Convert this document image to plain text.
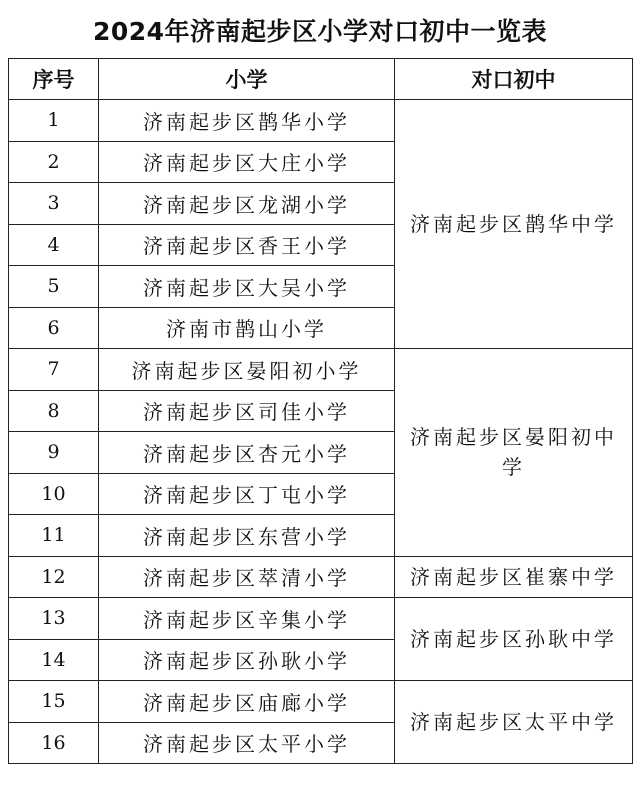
2024年济南起步区小学对口初中一览表
序号	小学	对口初中
1	济南起步区鹊华小学	济南起步区鹊华中学
2	济南起步区大庄小学	
3	济南起步区龙湖小学	
4	济南起步区香王小学	
5	济南起步区大吴小学	
6	济南市鹊山小学	
7	济南起步区晏阳初小学	济南起步区晏阳初中学
8	济南起步区司佳小学	
9	济南起步区杏元小学	
10	济南起步区丁屯小学	
11	济南起步区东营小学	
12	济南起步区萃清小学	济南起步区崔寨中学
13	济南起步区辛集小学	济南起步区孙耿中学
14	济南起步区孙耿小学	
15	济南起步区庙廊小学	济南起步区太平中学
16	济南起步区太平小学	
